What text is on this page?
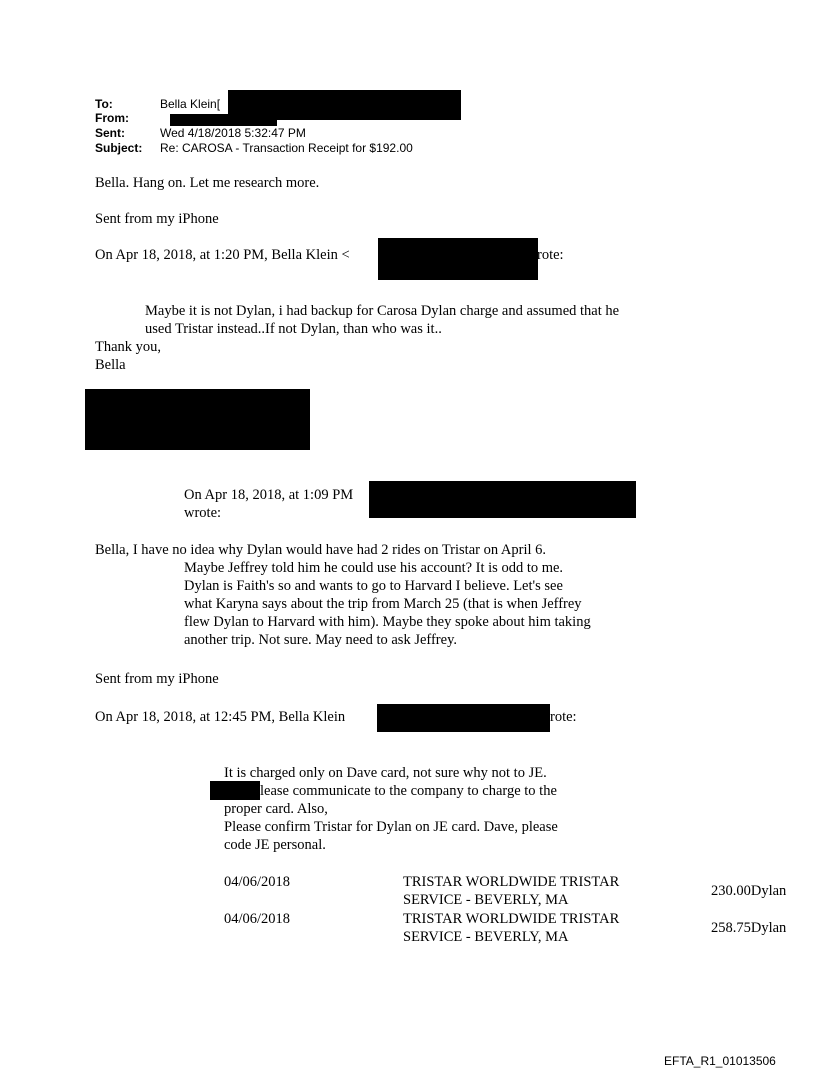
To:	Bella Klein[
From:
Sent:	Wed 4/18/2018 5:32:47 PM
Subject: Re: CAROSA - Transaction Receipt for $192.00
Bella. Hang on. Let me research more.
Sent from my iPhone
On Apr 18, 2018, at 1:20 PM, Bella Klein <	rote:
Maybe it is not Dylan, i had backup for Carosa Dylan charge and assumed that he
used Tristar instead..If not Dylan, than who was it..
Thank you,
Bella
On Apr 18, 2018, at 1:09 PM
wrote:
Bella, I have no idea why Dylan would have had 2 rides on Tristar on April 6.
Maybe Jeffrey told him he could use his account? It is odd to me.
Dylan is Faith's so and wants to go to Harvard I believe. Let's see
what Karyna says about the trip from March 25 (that is when Jeffrey
flew Dylan to Harvard with him). Maybe they spoke about him taking
another trip. Not sure. May need to ask Jeffrey.
Sent from my iPhone
On Apr 18, 2018, at 12:45 PM, Bella Klein	rote:
It is charged only on Dave card, not sure why not to JE.
lease communicate to the company to charge to the
proper card. Also,
Please confirm Tristar for Dylan on JE card. Dave, please
code JE personal.
04/06/2018	TRISTAR WORLDWIDE TRISTAR
SERVICE - BEVERLY, MA
230.00Dylan
04/06/2018	TRISTAR WORLDWIDE TRISTAR
SERVICE - BEVERLY, MA
258.75Dylan
EFTA_R1_01013506
